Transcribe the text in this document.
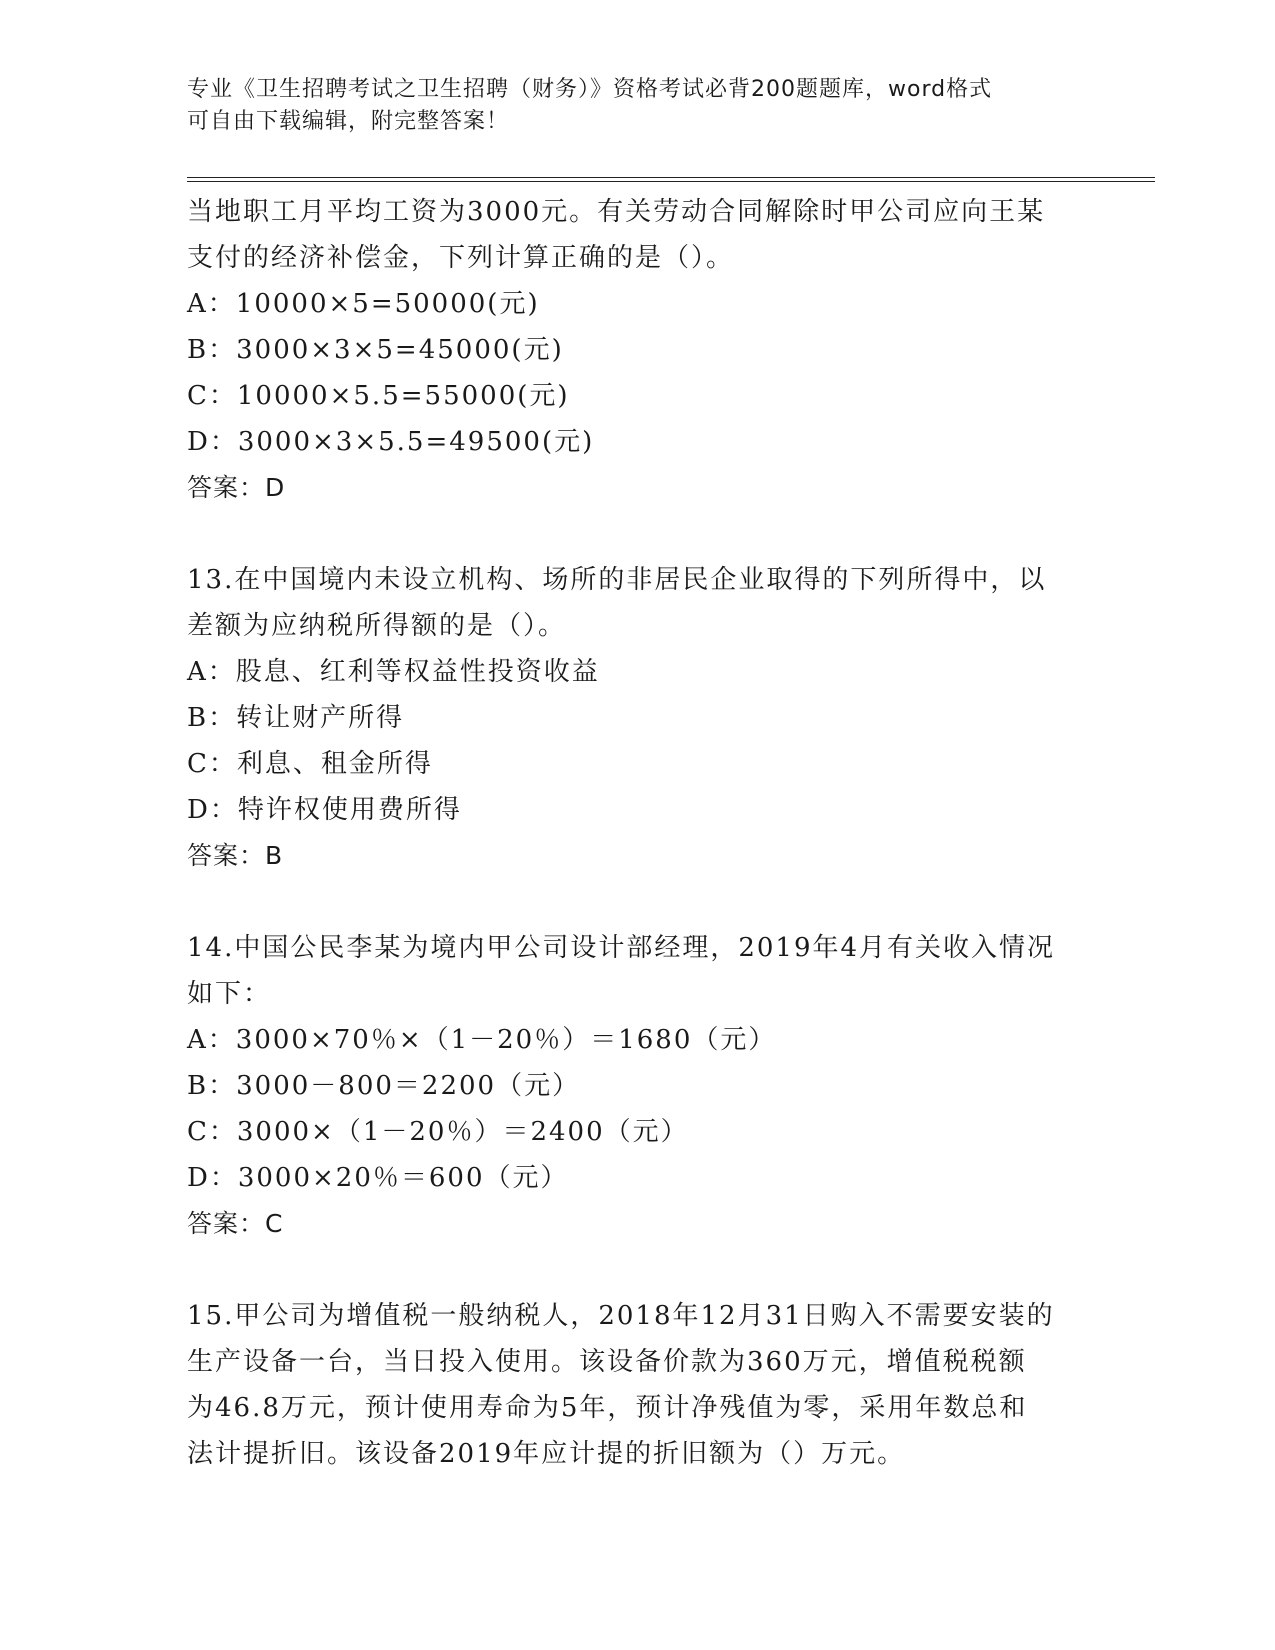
专业《卫生招聘考试之卫生招聘（财务）》资格考试必背200题题库，word格式
可自由下载编辑，附完整答案！
当地职工月平均工资为3000元。有关劳动合同解除时甲公司应向王某
支付的经济补偿金，下列计算正确的是（）。
A：10000×5=50000(元)
B：3000×3×5=45000(元)
C：10000×5.5=55000(元)
D：3000×3×5.5=49500(元)
答案：D
13.在中国境内未设立机构、场所的非居民企业取得的下列所得中，以
差额为应纳税所得额的是（）。
A：股息、红利等权益性投资收益
B：转让财产所得
C：利息、租金所得
D：特许权使用费所得
答案：B
14.中国公民李某为境内甲公司设计部经理，2019年4月有关收入情况
如下：
A：3000×70％×（1－20％）＝1680（元）
B：3000－800＝2200（元）
C：3000×（1－20％）＝2400（元）
D：3000×20％＝600（元）
答案：C
15.甲公司为增值税一般纳税人，2018年12月31日购入不需要安装的
生产设备一台，当日投入使用。该设备价款为360万元，增值税税额
为46.8万元，预计使用寿命为5年，预计净残值为零，采用年数总和
法计提折旧。该设备2019年应计提的折旧额为（）万元。
